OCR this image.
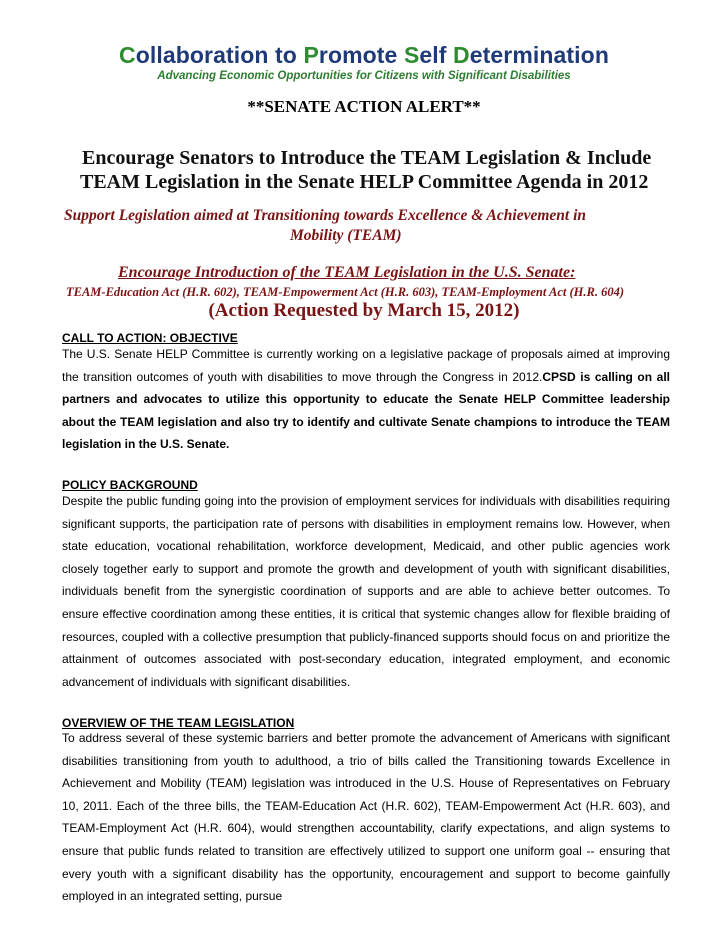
Collaboration to Promote Self Determination
Advancing Economic Opportunities for Citizens with Significant Disabilities
**SENATE ACTION ALERT**
Encourage Senators to Introduce the TEAM Legislation & Include
TEAM Legislation in the Senate HELP Committee Agenda in 2012
Support Legislation aimed at Transitioning towards Excellence & Achievement in
Mobility (TEAM)
Encourage Introduction of the TEAM Legislation in the U.S. Senate:
TEAM-Education Act (H.R. 602), TEAM-Empowerment Act (H.R. 603), TEAM-Employment Act (H.R. 604)
(Action Requested by March 15, 2012)
CALL TO ACTION: OBJECTIVE
The U.S. Senate HELP Committee is currently working on a legislative package of proposals aimed at improving the transition outcomes of youth with disabilities to move through the Congress in 2012.CPSD is calling on all partners and advocates to utilize this opportunity to educate the Senate HELP Committee leadership about the TEAM legislation and also try to identify and cultivate Senate champions to introduce the TEAM legislation in the U.S. Senate.
POLICY BACKGROUND
Despite the public funding going into the provision of employment services for individuals with disabilities requiring significant supports, the participation rate of persons with disabilities in employment remains low. However, when state education, vocational rehabilitation, workforce development, Medicaid, and other public agencies work closely together early to support and promote the growth and development of youth with significant disabilities, individuals benefit from the synergistic coordination of supports and are able to achieve better outcomes. To ensure effective coordination among these entities, it is critical that systemic changes allow for flexible braiding of resources, coupled with a collective presumption that publicly-financed supports should focus on and prioritize the attainment of outcomes associated with post-secondary education, integrated employment, and economic advancement of individuals with significant disabilities.
OVERVIEW OF THE TEAM LEGISLATION
To address several of these systemic barriers and better promote the advancement of Americans with significant disabilities transitioning from youth to adulthood, a trio of bills called the Transitioning towards Excellence in Achievement and Mobility (TEAM) legislation was introduced in the U.S. House of Representatives on February 10, 2011. Each of the three bills, the TEAM-Education Act (H.R. 602), TEAM-Empowerment Act (H.R. 603), and TEAM-Employment Act (H.R. 604), would strengthen accountability, clarify expectations, and align systems to ensure that public funds related to transition are effectively utilized to support one uniform goal -- ensuring that every youth with a significant disability has the opportunity, encouragement and support to become gainfully employed in an integrated setting, pursue
